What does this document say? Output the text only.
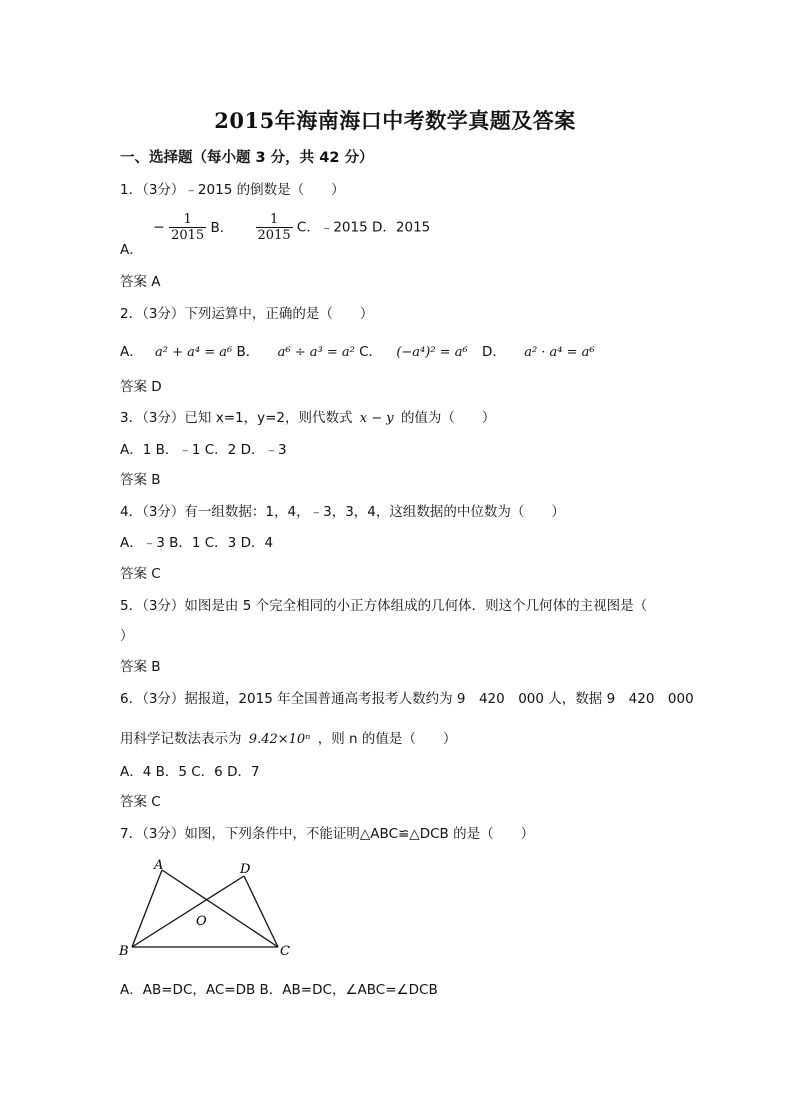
2015年海南海口中考数学真题及答案
一、选择题（每小题 3 分，共 42 分）
1．（3分）﹣2015 的倒数是（　　）
A． − $\frac{1}{2015}$ B． $\frac{1}{2015}$ C．﹣2015 D．2015
答案 A
2．（3分）下列运算中，正确的是（　　）
A． a² + a⁴ = a⁶ B． a⁶ ÷ a³ = a² C． (−a⁴)² = a⁶ D． a² · a⁴ = a⁶
答案 D
3．（3分）已知 x=1，y=2，则代数式 x − y 的值为（　　）
A．1 B．﹣1 C．2 D．﹣3
答案 B
4．（3分）有一组数据：1，4，﹣3，3，4，这组数据的中位数为（　　）
A．﹣3 B．1 C．3 D．4
答案 C
5．（3分）如图是由 5 个完全相同的小正方体组成的几何体．则这个几何体的主视图是（
）
答案 B
6．（3分）据报道，2015 年全国普通高考报考人数约为 9　420　000 人，数据 9　420　000
用科学记数法表示为 9.42×10ⁿ ，则 n 的值是（　　）
A．4 B．5 C．6 D．7
答案 C
7．（3分）如图，下列条件中，不能证明△ABC≌△DCB 的是（　　）
A	D
O
B	C
A．AB=DC，AC=DB B．AB=DC，∠ABC=∠DCB
